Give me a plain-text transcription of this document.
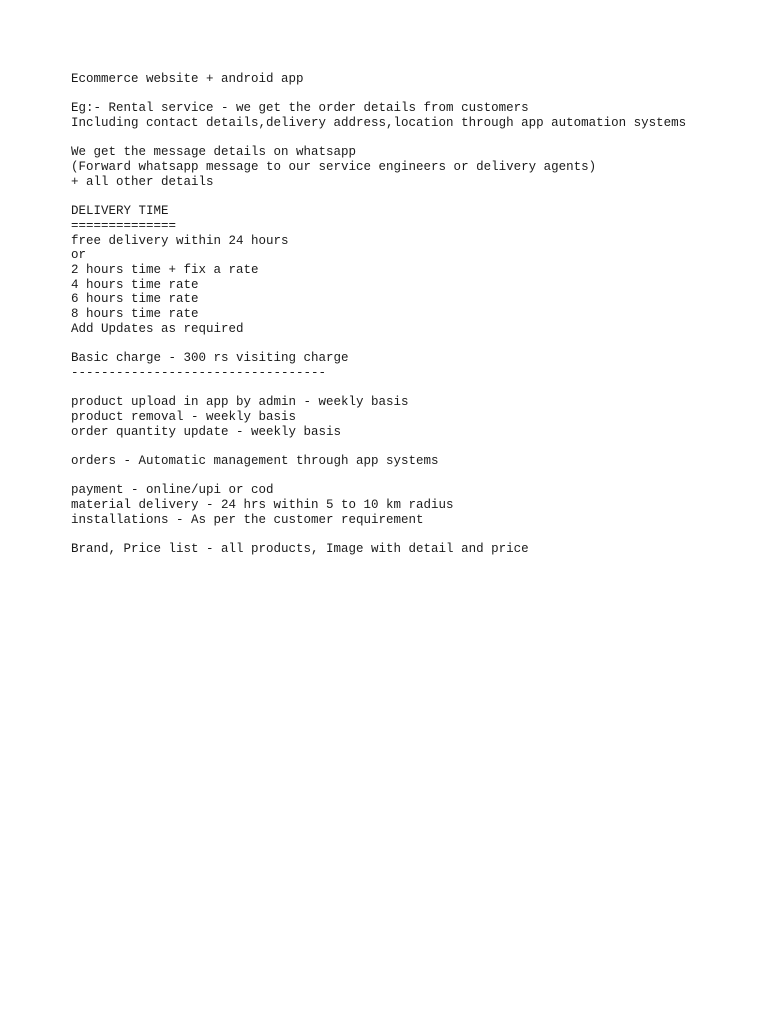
Ecommerce website + android app
Eg:- Rental service - we get the order details from customers
Including contact details,delivery address,location through app automation systems
We get the message details on whatsapp
(Forward whatsapp message to our service engineers or delivery agents)
+ all other details
DELIVERY TIME
==============
free delivery within 24 hours
or
2 hours time + fix a rate
4 hours time rate
6 hours time rate
8 hours time rate
Add Updates as required
Basic charge - 300 rs visiting charge
----------------------------------
product upload in app by admin - weekly basis
product removal - weekly basis
order quantity update - weekly basis
orders - Automatic management through app systems
payment - online/upi or cod
material delivery - 24 hrs within 5 to 10 km radius
installations - As per the customer requirement
Brand, Price list - all products, Image with detail and price
